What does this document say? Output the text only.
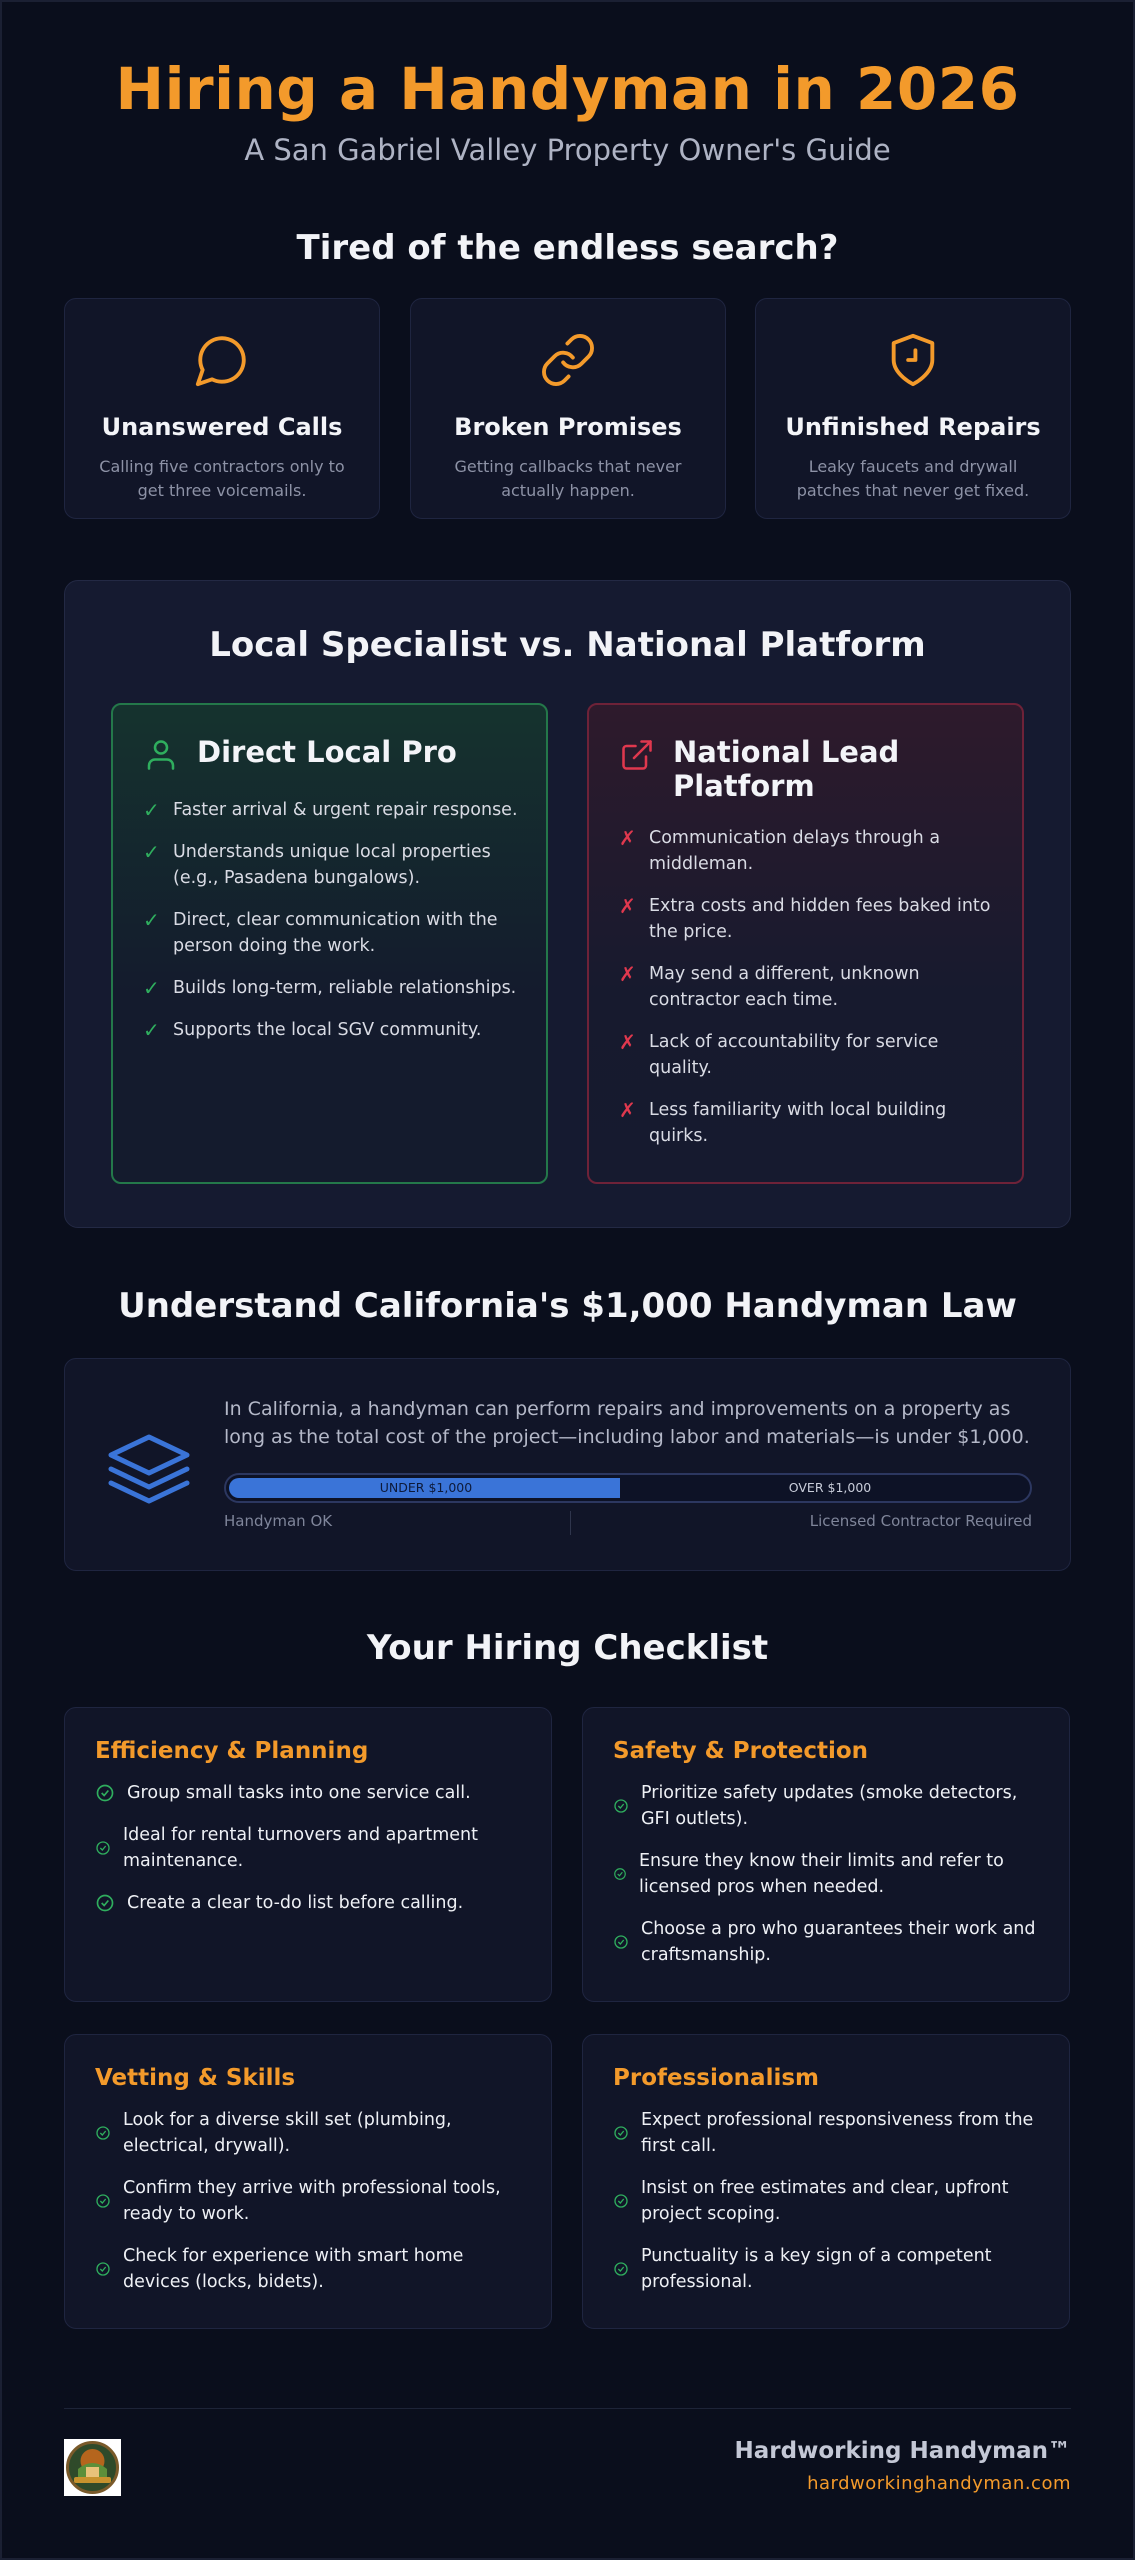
Hiring a Handyman in 2026
A San Gabriel Valley Property Owner's Guide
Tired of the endless search?
Unanswered Calls
Calling five contractors only to get three voicemails.
Broken Promises
Getting callbacks that never actually happen.
Unfinished Repairs
Leaky faucets and drywall patches that never get fixed.
Local Specialist vs. National Platform
Direct Local Pro
✓ Faster arrival & urgent repair response.
✓ Understands unique local properties (e.g., Pasadena bungalows).
✓ Direct, clear communication with the person doing the work.
✓ Builds long-term, reliable relationships.
✓ Supports the local SGV community.
National Lead Platform
✗ Communication delays through a middleman.
✗ Extra costs and hidden fees baked into the price.
✗ May send a different, unknown contractor each time.
✗ Lack of accountability for service quality.
✗ Less familiarity with local building quirks.
Understand California's $1,000 Handyman Law

In California, a handyman can perform repairs and improvements on a property as long as the total cost of the project—including labor and materials—is under $1,000.

UNDER $1,000	OVER $1,000
Handyman OK	Licensed Contractor Required
Your Hiring Checklist
Efficiency & Planning
Group small tasks into one service call.
Ideal for rental turnovers and apartment maintenance.
Create a clear to-do list before calling.
Safety & Protection
Prioritize safety updates (smoke detectors, GFI outlets).
Ensure they know their limits and refer to licensed pros when needed.
Choose a pro who guarantees their work and craftsmanship.
Vetting & Skills
Look for a diverse skill set (plumbing, electrical, drywall).
Confirm they arrive with professional tools, ready to work.
Check for experience with smart home devices (locks, bidets).
Professionalism
Expect professional responsiveness from the first call.
Insist on free estimates and clear, upfront project scoping.
Punctuality is a key sign of a competent professional.
Hardworking Handyman™
hardworkinghandyman.com
